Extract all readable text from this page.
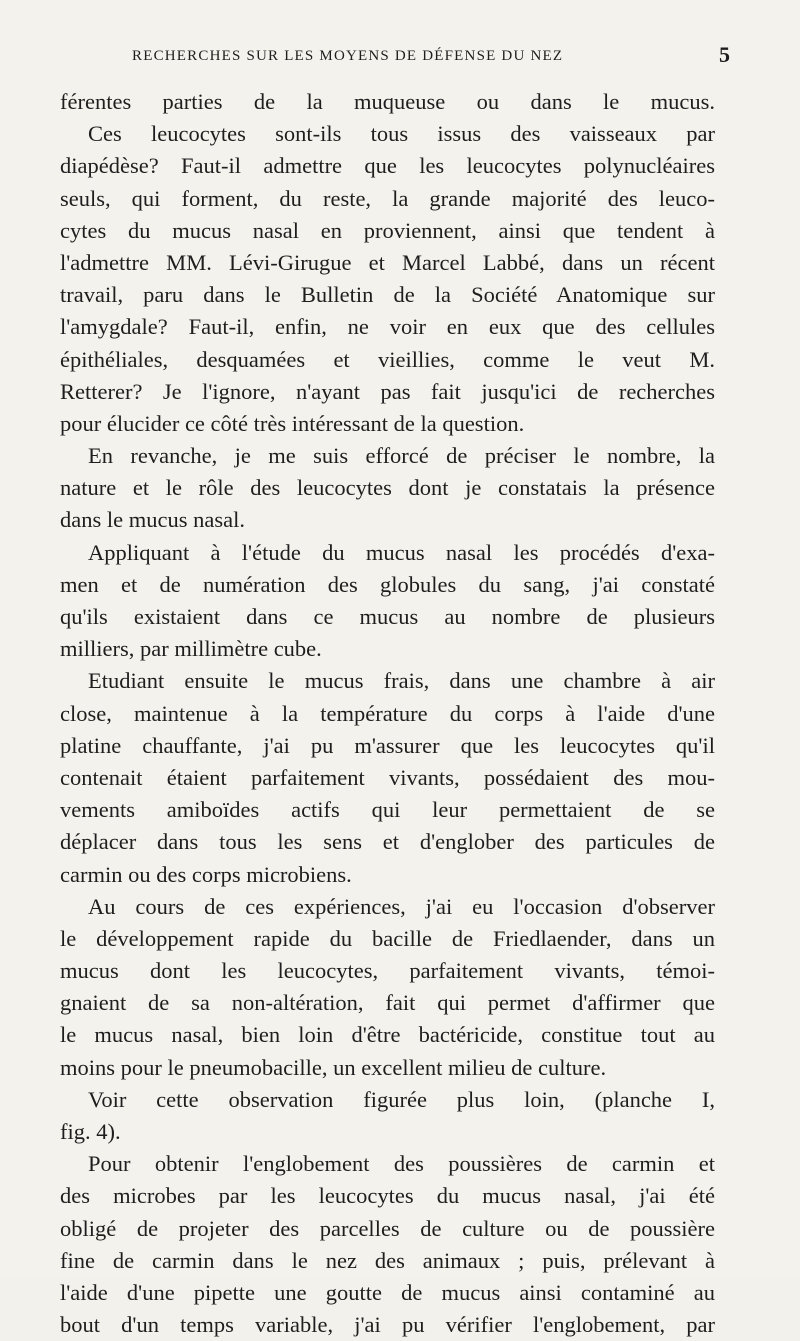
RECHERCHES SUR LES MOYENS DE DÉFENSE DU NEZ	5
férentes parties de la muqueuse ou dans le mucus.
Ces leucocytes sont-ils tous issus des vaisseaux par
diapédèse? Faut-il admettre que les leucocytes polynucléaires
seuls, qui forment, du reste, la grande majorité des leuco-
cytes du mucus nasal en proviennent, ainsi que tendent à
l'admettre MM. Lévi-Girugue et Marcel Labbé, dans un récent
travail, paru dans le Bulletin de la Société Anatomique sur
l'amygdale? Faut-il, enfin, ne voir en eux que des cellules
épithéliales, desquamées et vieillies, comme le veut M.
Retterer? Je l'ignore, n'ayant pas fait jusqu'ici de recherches
pour élucider ce côté très intéressant de la question.
En revanche, je me suis efforcé de préciser le nombre, la
nature et le rôle des leucocytes dont je constatais la présence
dans le mucus nasal.
Appliquant à l'étude du mucus nasal les procédés d'exa-
men et de numération des globules du sang, j'ai constaté
qu'ils existaient dans ce mucus au nombre de plusieurs
milliers, par millimètre cube.
Etudiant ensuite le mucus frais, dans une chambre à air
close, maintenue à la température du corps à l'aide d'une
platine chauffante, j'ai pu m'assurer que les leucocytes qu'il
contenait étaient parfaitement vivants, possédaient des mou-
vements amiboïdes actifs qui leur permettaient de se
déplacer dans tous les sens et d'englober des particules de
carmin ou des corps microbiens.
Au cours de ces expériences, j'ai eu l'occasion d'observer
le développement rapide du bacille de Friedlaender, dans un
mucus dont les leucocytes, parfaitement vivants, témoi-
gnaient de sa non-altération, fait qui permet d'affirmer que
le mucus nasal, bien loin d'être bactéricide, constitue tout au
moins pour le pneumobacille, un excellent milieu de culture.
Voir cette observation figurée plus loin, (planche I,
fig. 4).
Pour obtenir l'englobement des poussières de carmin et
des microbes par les leucocytes du mucus nasal, j'ai été
obligé de projeter des parcelles de culture ou de poussière
fine de carmin dans le nez des animaux ; puis, prélevant à
l'aide d'une pipette une goutte de mucus ainsi contaminé au
bout d'un temps variable, j'ai pu vérifier l'englobement, par
